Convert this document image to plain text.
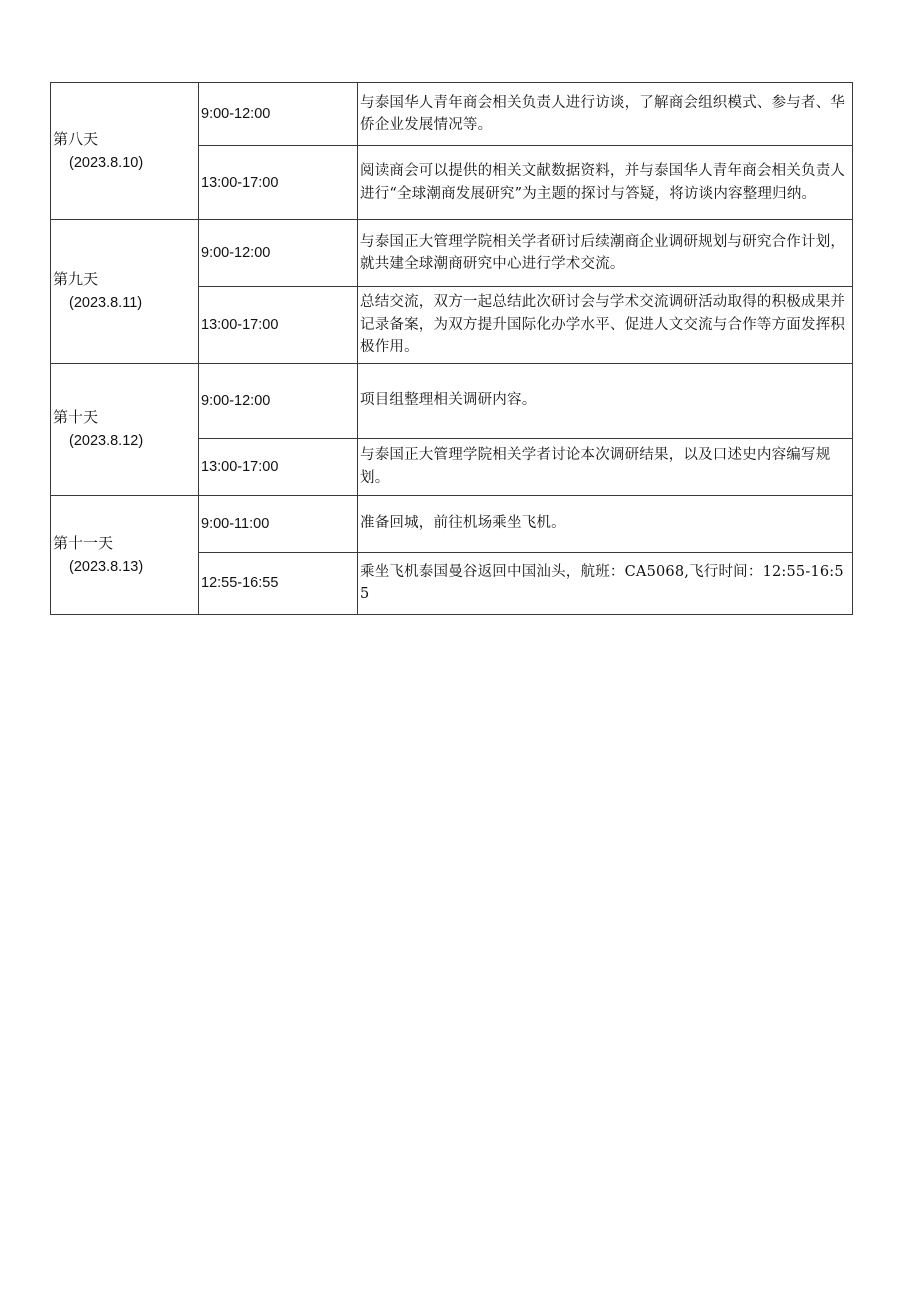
第八天
(2023.8.10)	9:00-12:00	与泰国华人青年商会相关负责人进行访谈，了解商会组织模式、参与者、华侨企业发展情况等。
	13:00-17:00	阅读商会可以提供的相关文献数据资料，并与泰国华人青年商会相关负责人进行“全球潮商发展研究”为主题的探讨与答疑，将访谈内容整理归纳。

第九天
(2023.8.11)	9:00-12:00	与泰国正大管理学院相关学者研讨后续潮商企业调研规划与研究合作计划，就共建全球潮商研究中心进行学术交流。
	13:00-17:00	总结交流，双方一起总结此次研讨会与学术交流调研活动取得的积极成果并记录备案，为双方提升国际化办学水平、促进人文交流与合作等方面发挥积极作用。

第十天
(2023.8.12)	9:00-12:00	项目组整理相关调研内容。
	13:00-17:00	与泰国正大管理学院相关学者讨论本次调研结果，以及口述史内容编写规划。

第十一天
(2023.8.13)	9:00-11:00	准备回城，前往机场乘坐飞机。
	12:55-16:55	乘坐飞机泰国曼谷返回中国汕头，航班：CA5068,飞行时间：12:55-16:55
